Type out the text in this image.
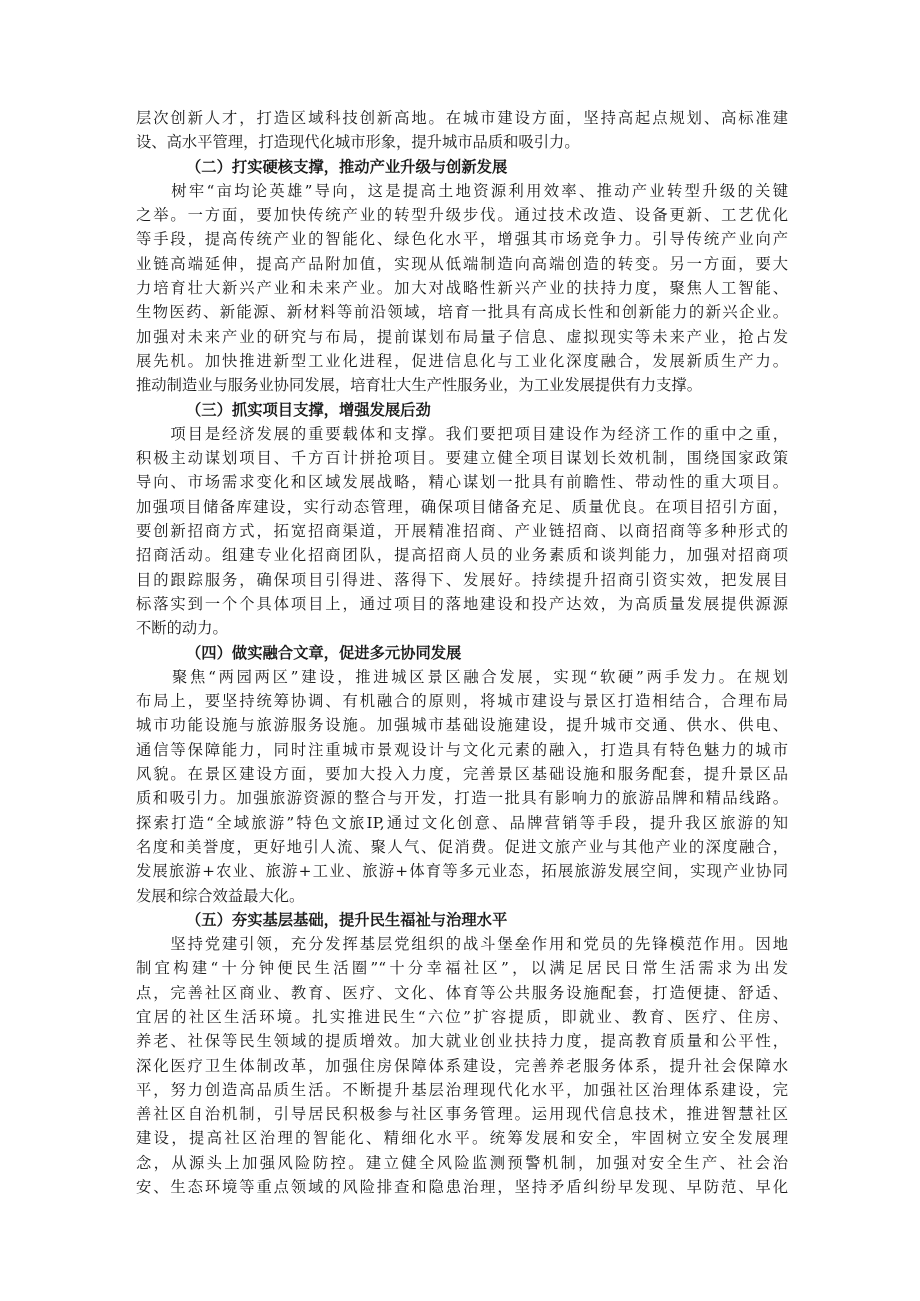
层次创新人才，打造区域科技创新高地。在城市建设方面，坚持高起点规划、高标准建
设、高水平管理，打造现代化城市形象，提升城市品质和吸引力。
（二）打实硬核支撑，推动产业升级与创新发展
　　树牢“亩均论英雄”导向，这是提高土地资源利用效率、推动产业转型升级的关键
之举。一方面，要加快传统产业的转型升级步伐。通过技术改造、设备更新、工艺优化
等手段，提高传统产业的智能化、绿色化水平，增强其市场竞争力。引导传统产业向产
业链高端延伸，提高产品附加值，实现从低端制造向高端创造的转变。另一方面，要大
力培育壮大新兴产业和未来产业。加大对战略性新兴产业的扶持力度，聚焦人工智能、
生物医药、新能源、新材料等前沿领域，培育一批具有高成长性和创新能力的新兴企业。
加强对未来产业的研究与布局，提前谋划布局量子信息、虚拟现实等未来产业，抢占发
展先机。加快推进新型工业化进程，促进信息化与工业化深度融合，发展新质生产力。
推动制造业与服务业协同发展，培育壮大生产性服务业，为工业发展提供有力支撑。
（三）抓实项目支撑，增强发展后劲
　　项目是经济发展的重要载体和支撑。我们要把项目建设作为经济工作的重中之重，
积极主动谋划项目、千方百计拼抢项目。要建立健全项目谋划长效机制，围绕国家政策
导向、市场需求变化和区域发展战略，精心谋划一批具有前瞻性、带动性的重大项目。
加强项目储备库建设，实行动态管理，确保项目储备充足、质量优良。在项目招引方面，
要创新招商方式，拓宽招商渠道，开展精准招商、产业链招商、以商招商等多种形式的
招商活动。组建专业化招商团队，提高招商人员的业务素质和谈判能力，加强对招商项
目的跟踪服务，确保项目引得进、落得下、发展好。持续提升招商引资实效，把发展目
标落实到一个个具体项目上，通过项目的落地建设和投产达效，为高质量发展提供源源
不断的动力。
（四）做实融合文章，促进多元协同发展
　　聚焦“两园两区”建设，推进城区景区融合发展，实现“软硬”两手发力。在规划
布局上，要坚持统筹协调、有机融合的原则，将城市建设与景区打造相结合，合理布局
城市功能设施与旅游服务设施。加强城市基础设施建设，提升城市交通、供水、供电、
通信等保障能力，同时注重城市景观设计与文化元素的融入，打造具有特色魅力的城市
风貌。在景区建设方面，要加大投入力度，完善景区基础设施和服务配套，提升景区品
质和吸引力。加强旅游资源的整合与开发，打造一批具有影响力的旅游品牌和精品线路。
探索打造“全域旅游”特色文旅IP,通过文化创意、品牌营销等手段，提升我区旅游的知
名度和美誉度，更好地引人流、聚人气、促消费。促进文旅产业与其他产业的深度融合，
发展旅游+农业、旅游+工业、旅游+体育等多元业态，拓展旅游发展空间，实现产业协同
发展和综合效益最大化。
（五）夯实基层基础，提升民生福祉与治理水平
　　坚持党建引领，充分发挥基层党组织的战斗堡垒作用和党员的先锋模范作用。因地
制宜构建“十分钟便民生活圈”“十分幸福社区”，以满足居民日常生活需求为出发
点，完善社区商业、教育、医疗、文化、体育等公共服务设施配套，打造便捷、舒适、
宜居的社区生活环境。扎实推进民生“六位”扩容提质，即就业、教育、医疗、住房、
养老、社保等民生领域的提质增效。加大就业创业扶持力度，提高教育质量和公平性，
深化医疗卫生体制改革，加强住房保障体系建设，完善养老服务体系，提升社会保障水
平，努力创造高品质生活。不断提升基层治理现代化水平，加强社区治理体系建设，完
善社区自治机制，引导居民积极参与社区事务管理。运用现代信息技术，推进智慧社区
建设，提高社区治理的智能化、精细化水平。统筹发展和安全，牢固树立安全发展理
念，从源头上加强风险防控。建立健全风险监测预警机制，加强对安全生产、社会治
安、生态环境等重点领域的风险排查和隐患治理，坚持矛盾纠纷早发现、早防范、早化
